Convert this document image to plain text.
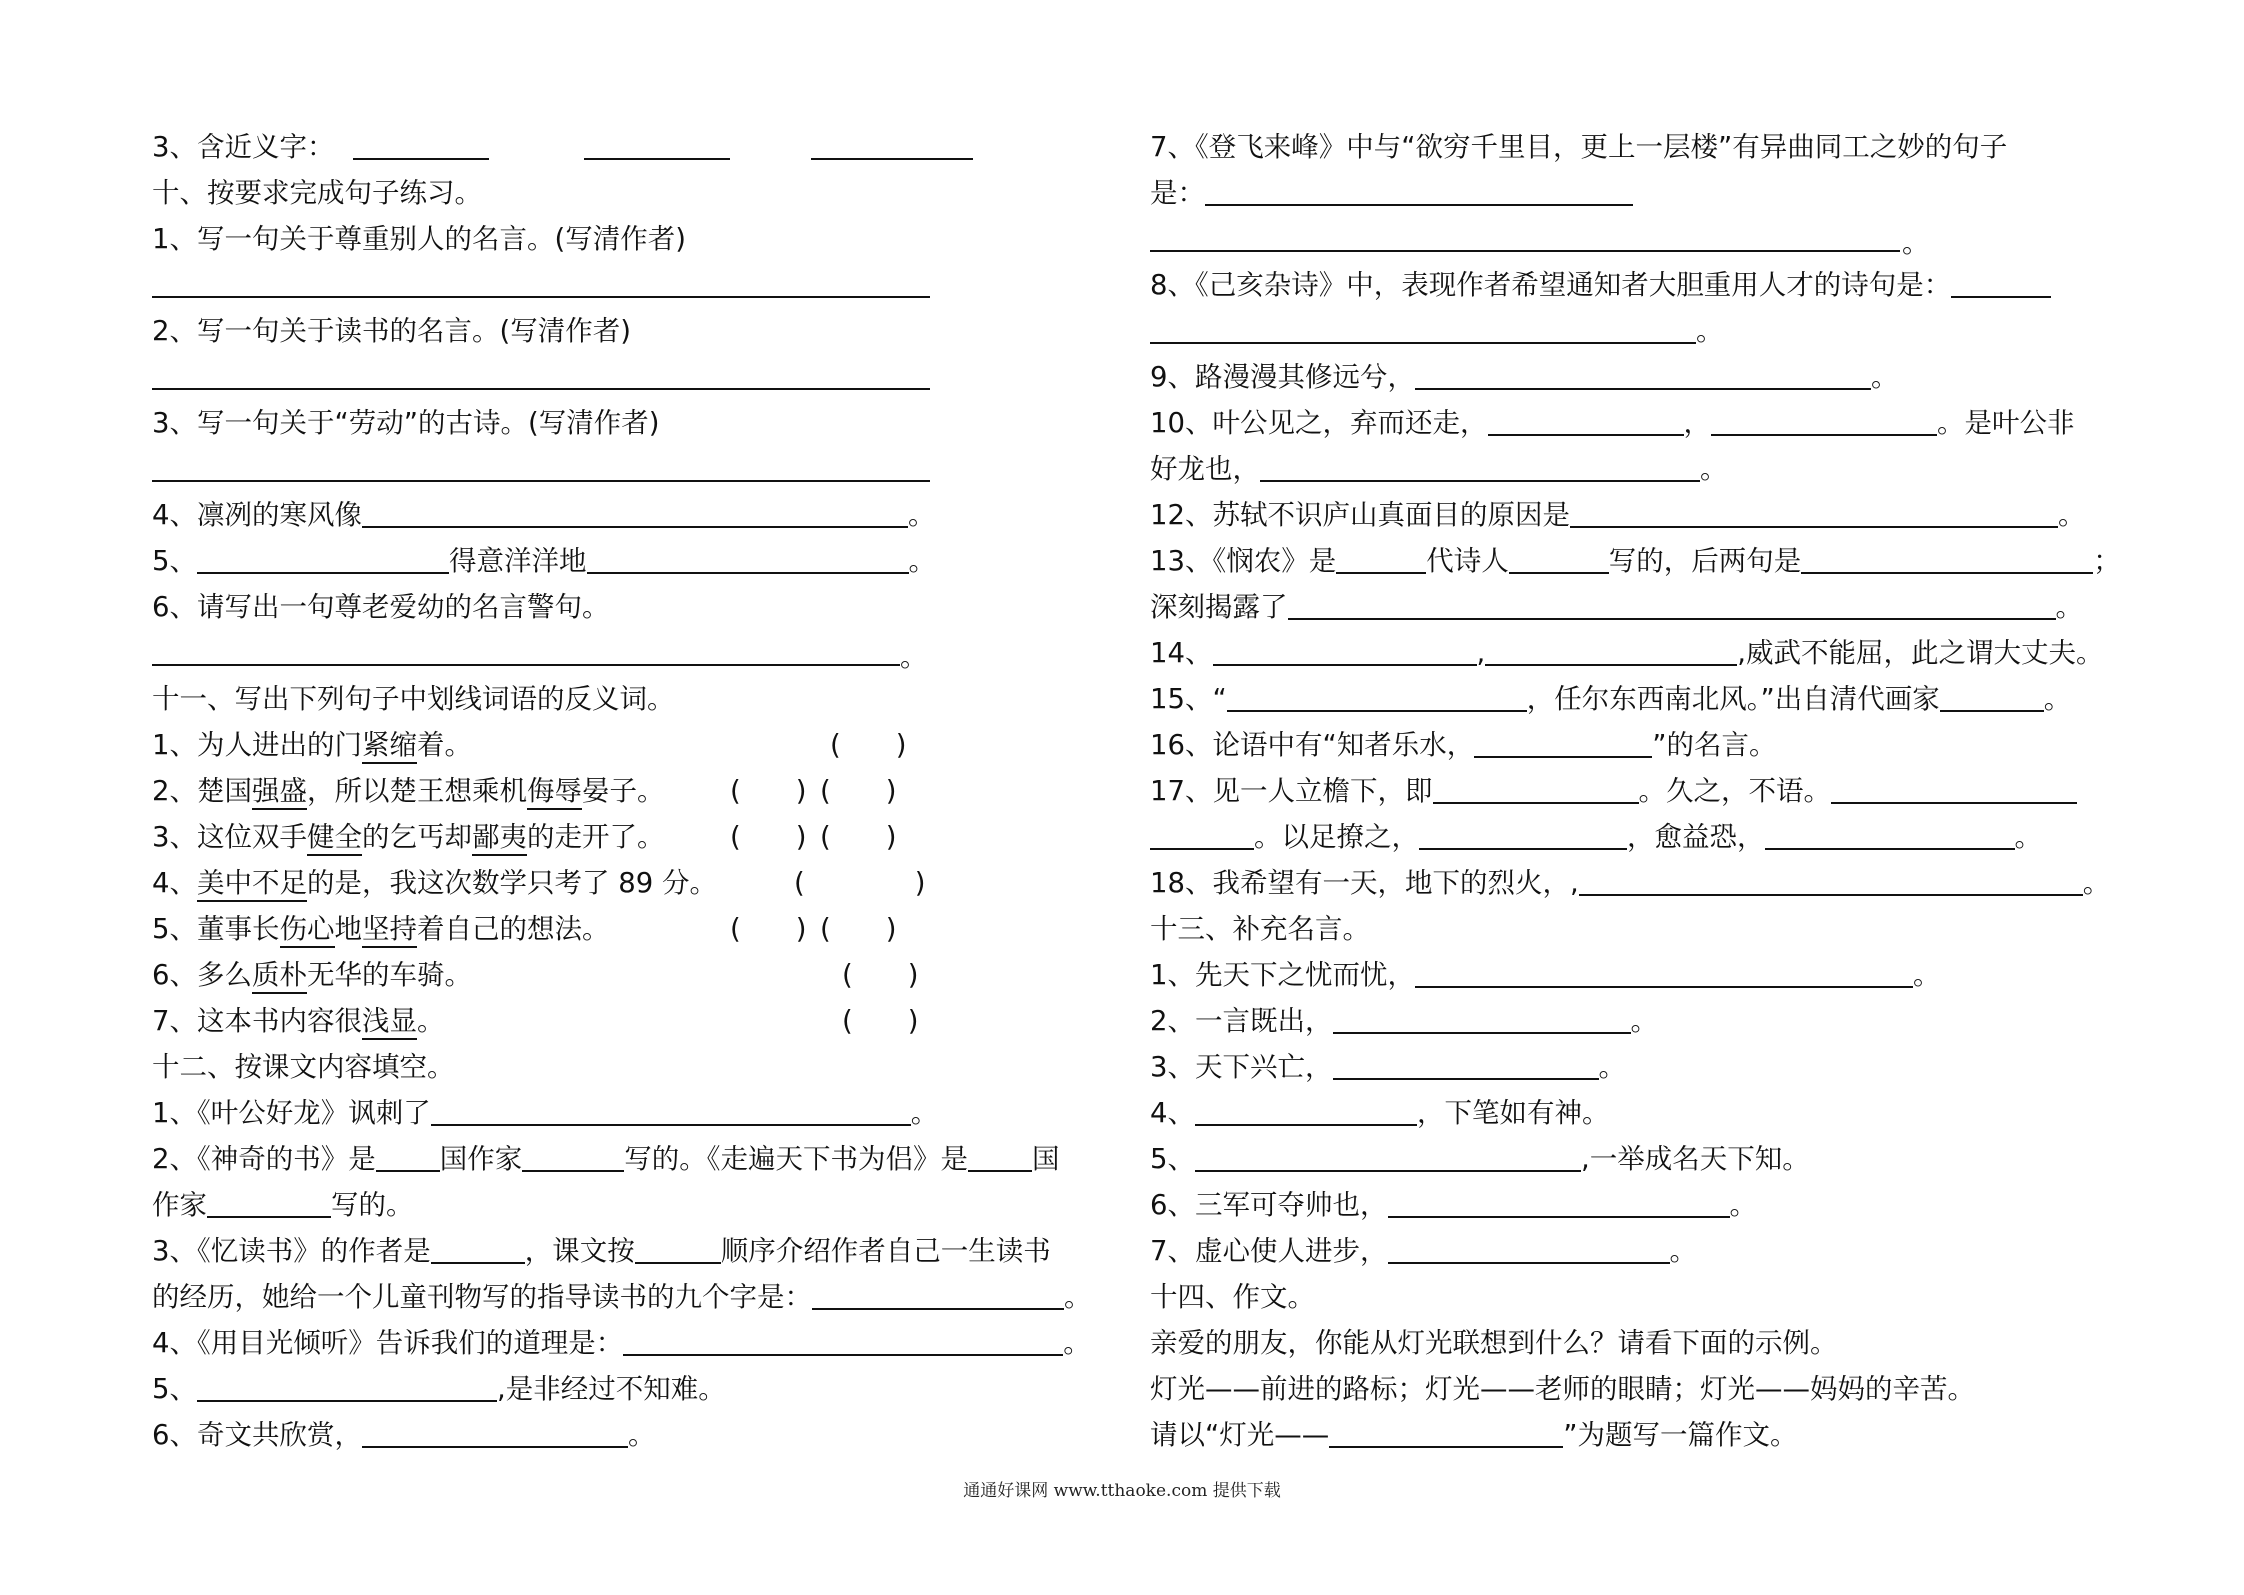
3、含近义字：
十、按要求完成句子练习。
1、写一句关于尊重别人的名言。(写清作者)
2、写一句关于读书的名言。(写清作者)
3、写一句关于“劳动”的古诗。(写清作者)
4、凛冽的寒风像	。
5、	得意洋洋地	。
6、请写出一句尊老爱幼的名言警句。
。
十一、写出下列句子中划线词语的反义词。
1、为人进出的门紧缩着。	(　　)
2、楚国强盛，所以楚王想乘机侮辱晏子。 (　　) (　　)
3、这位双手健全的乞丐却鄙夷的走开了。 (　　) (　　)
4、美中不足的是，我这次数学只考了 89 分。	(　　　　)
5、董事长伤心地坚持着自己的想法。	(　　) (　　)
6、多么质朴无华的车骑。	(　　)
7、这本书内容很浅显。	(　　)
十二、按课文内容填空。
1、《叶公好龙》讽刺了	。
2、《神奇的书》是 国作家	写的。《走遍天下书为侣》是 国
作家	写的。
3、《忆读书》的作者是	，课文按	顺序介绍作者自己一生读书
的经历，她给一个儿童刊物写的指导读书的九个字是：	。
4、《用目光倾听》告诉我们的道理是：	。
5、	,是非经过不知难。
6、奇文共欣赏，	。
7、《登飞来峰》中与“欲穷千里目，更上一层楼”有异曲同工之妙的句子
是：
。
8、《己亥杂诗》中，表现作者希望通知者大胆重用人才的诗句是：
。
9、路漫漫其修远兮，	。
10、叶公见之，弃而还走，	，	。是叶公非
好龙也，	。
12、苏轼不识庐山真面目的原因是	。
13、《悯农》是	代诗人	写的，后两句是	；
深刻揭露了	。
14、	,	,威武不能屈，此之谓大丈夫。
15、“	，任尔东西南北风。”出自清代画家	。
16、论语中有“知者乐水，	”的名言。
17、见一人立檐下，即	。久之，不语。
。以足撩之，	，愈益恐，	。
18、我希望有一天，地下的烈火，,	。
十三、补充名言。
1、先天下之忧而忧，	。
2、一言既出，	。
3、天下兴亡，	。
4、	，下笔如有神。
5、	,一举成名天下知。
6、三军可夺帅也，	。
7、虚心使人进步，	。
十四、作文。
亲爱的朋友，你能从灯光联想到什么？请看下面的示例。
灯光——前进的路标；灯光——老师的眼睛；灯光——妈妈的辛苦。
请以“灯光——	”为题写一篇作文。
通通好课网 www.tthaoke.com 提供下载
